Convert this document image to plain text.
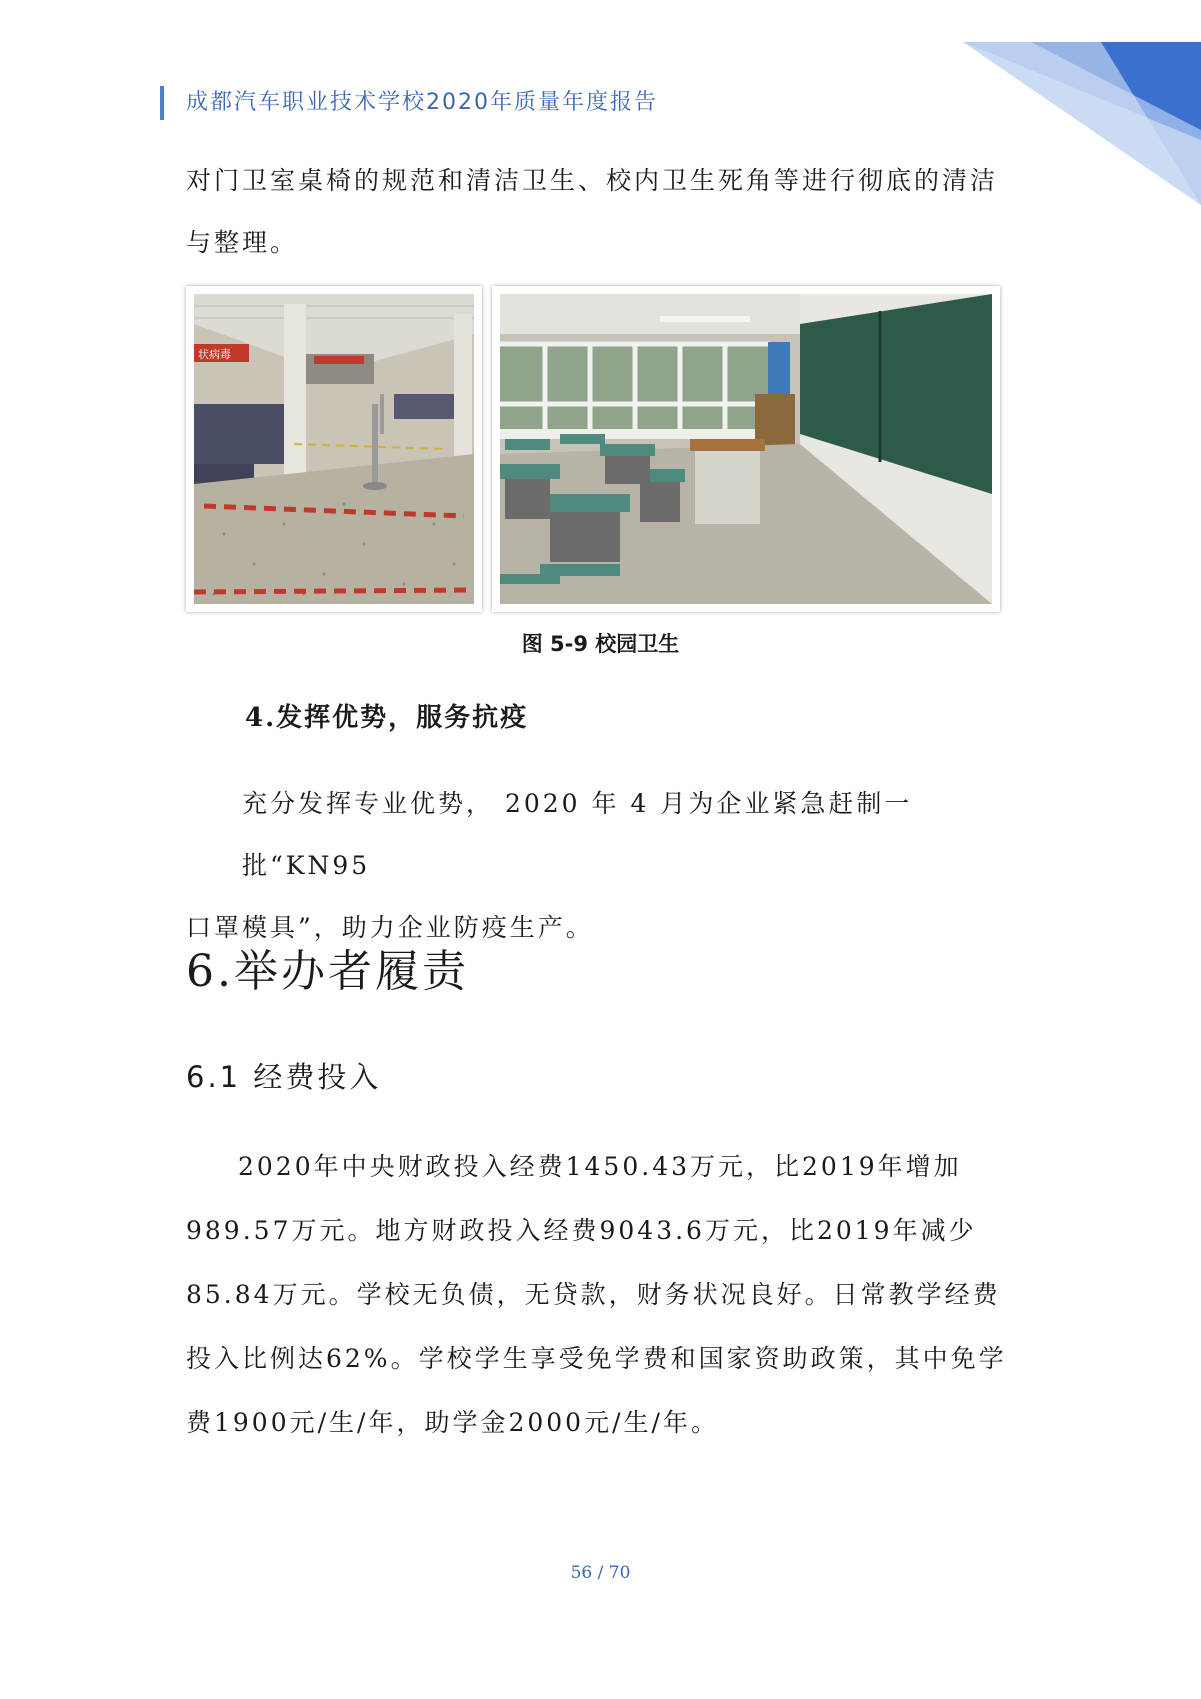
成都汽车职业技术学校2020年质量年度报告
对门卫室桌椅的规范和清洁卫生、校内卫生死角等进行彻底的清洁
与整理。
状病毒
图 5-9 校园卫生
4.发挥优势，服务抗疫
充分发挥专业优势， 2020 年 4 月为企业紧急赶制一批“KN95
口罩模具”，助力企业防疫生产。
6.举办者履责
6.1 经费投入
2020年中央财政投入经费1450.43万元，比2019年增加
989.57万元。地方财政投入经费9043.6万元，比2019年减少
85.84万元。学校无负债，无贷款，财务状况良好。日常教学经费
投入比例达62%。学校学生享受免学费和国家资助政策，其中免学
费1900元/生/年，助学金2000元/生/年。
56 / 70
